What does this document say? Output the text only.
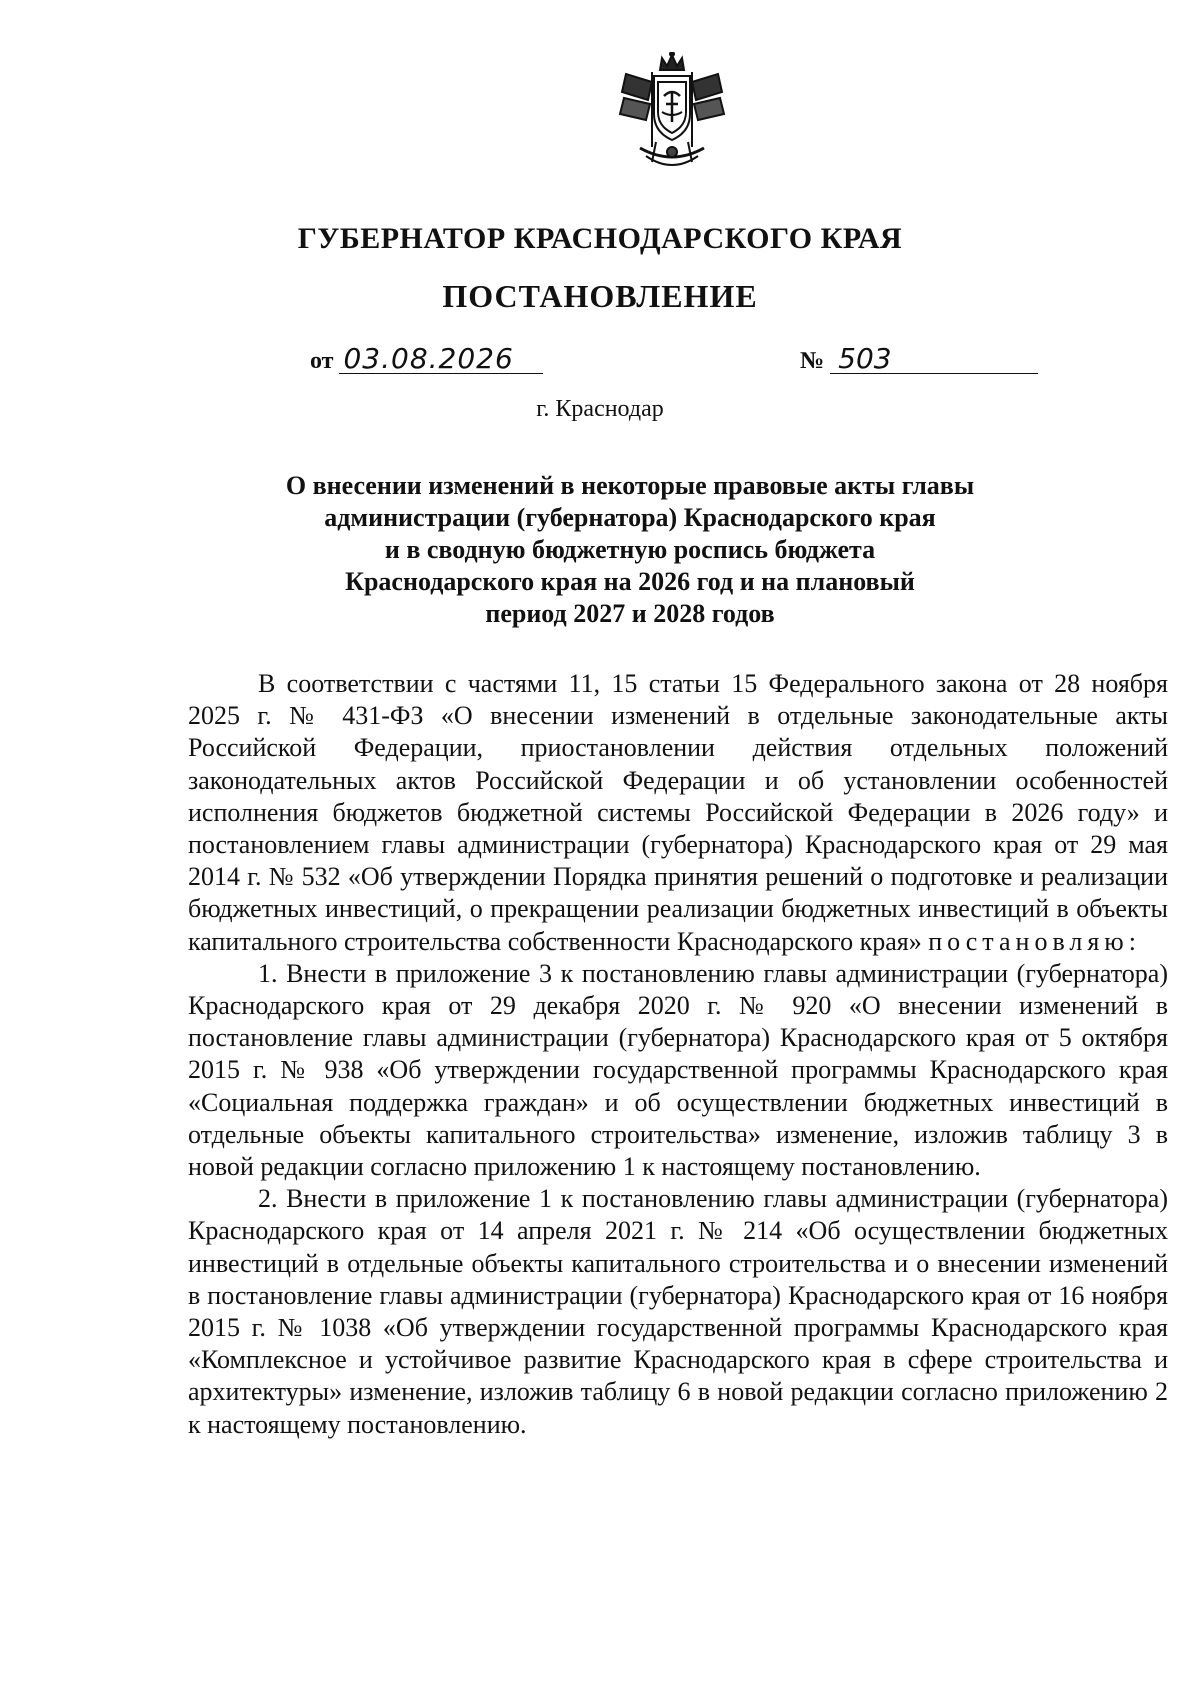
ГУБЕРНАТОР КРАСНОДАРСКОГО КРАЯ
ПОСТАНОВЛЕНИЕ
от 03.08.2026	№ 503
г. Краснодар
О внесении изменений в некоторые правовые акты главы
администрации (губернатора) Краснодарского края
и в сводную бюджетную роспись бюджета
Краснодарского края на 2026 год и на плановый
период 2027 и 2028 годов

В соответствии с частями 11, 15 статьи 15 Федерального закона от 28 ноября 2025 г. № 431-ФЗ «О внесении изменений в отдельные законодательные акты Российской Федерации, приостановлении действия отдельных положений законодательных актов Российской Федерации и об установлении особенностей исполнения бюджетов бюджетной системы Российской Федерации в 2026 году» и постановлением главы администрации (губернатора) Краснодарского края от 29 мая 2014 г. № 532 «Об утверждении Порядка принятия решений о подготовке и реализации бюджетных инвестиций, о прекращении реализации бюджетных инвестиций в объекты капитального строительства собственности Краснодарского края» постановляю:

1. Внести в приложение 3 к постановлению главы администрации (губернатора) Краснодарского края от 29 декабря 2020 г. № 920 «О внесении изменений в постановление главы администрации (губернатора) Краснодарского края от 5 октября 2015 г. № 938 «Об утверждении государственной программы Краснодарского края «Социальная поддержка граждан» и об осуществлении бюджетных инвестиций в отдельные объекты капитального строительства» изменение, изложив таблицу 3 в новой редакции согласно приложению 1 к настоящему постановлению.

2. Внести в приложение 1 к постановлению главы администрации (губернатора) Краснодарского края от 14 апреля 2021 г. № 214 «Об осуществлении бюджетных инвестиций в отдельные объекты капитального строительства и о внесении изменений в постановление главы администрации (губернатора) Краснодарского края от 16 ноября 2015 г. № 1038 «Об утверждении государственной программы Краснодарского края «Комплексное и устойчивое развитие Краснодарского края в сфере строительства и архитектуры» изменение, изложив таблицу 6 в новой редакции согласно приложению 2 к настоящему постановлению.
